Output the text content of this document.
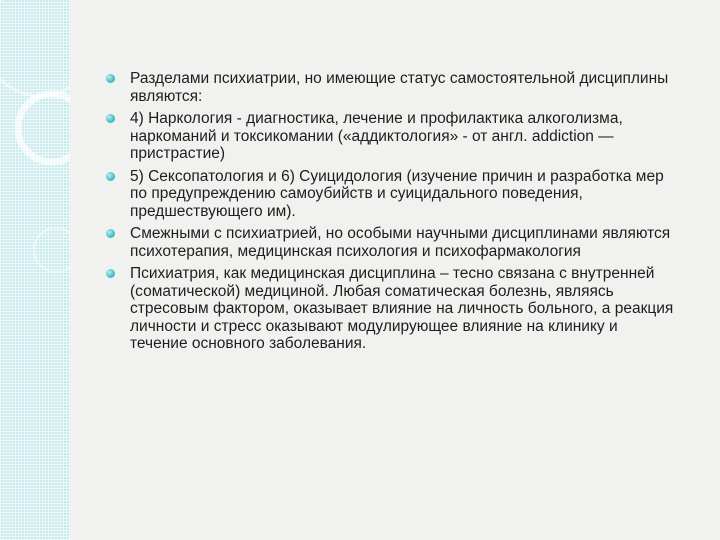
Разделами психиатрии, но имеющие статус самостоятельной дисциплины являются:
4) Наркология - диагностика, лечение и профилактика алкоголизма, наркоманий и токсикомании («аддиктология» - от англ. addiction — пристрастие)
5) Сексопатология и 6) Суицидология (изучение причин и разработка мер по предупреждению самоубийств и суицидального поведения, предшествующего им).
Смежными с психиатрией, но особыми научными дисциплинами являются психотерапия, медицинская психология и психофармакология
Психиатрия, как медицинская дисциплина – тесно связана с внутренней (соматической) медициной. Любая соматическая болезнь, являясь стресовым фактором, оказывает влияние на личность больного, а реакция личности и стресс оказывают модулирующее влияние на клинику и течение основного заболевания.
